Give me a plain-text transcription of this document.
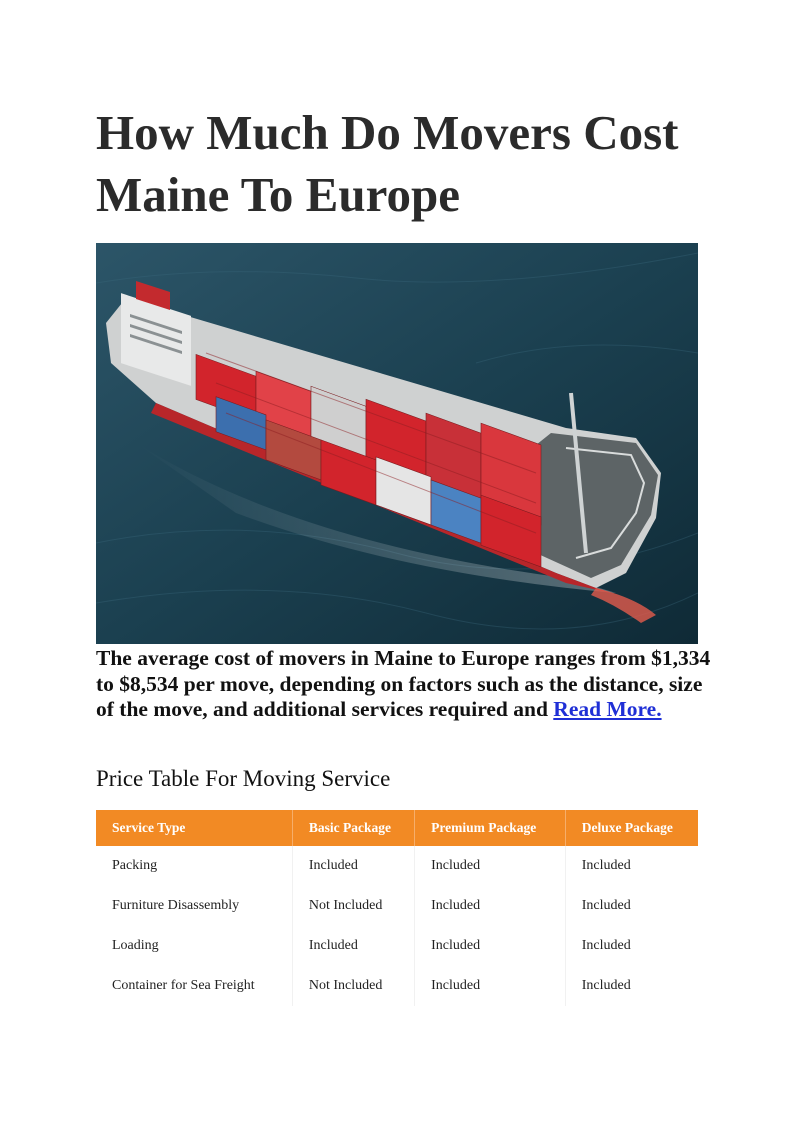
How Much Do Movers Cost Maine To Europe

The average cost of movers in Maine to Europe ranges from $1,334 to $8,534 per move, depending on factors such as the distance, size of the move, and additional services required and Read More.

Price Table For Moving Service
Service Type	Basic Package	Premium Package	Deluxe Package
Packing	Included	Included	Included
Furniture Disassembly	Not Included	Included	Included
Loading	Included	Included	Included
Container for Sea Freight	Not Included	Included	Included
